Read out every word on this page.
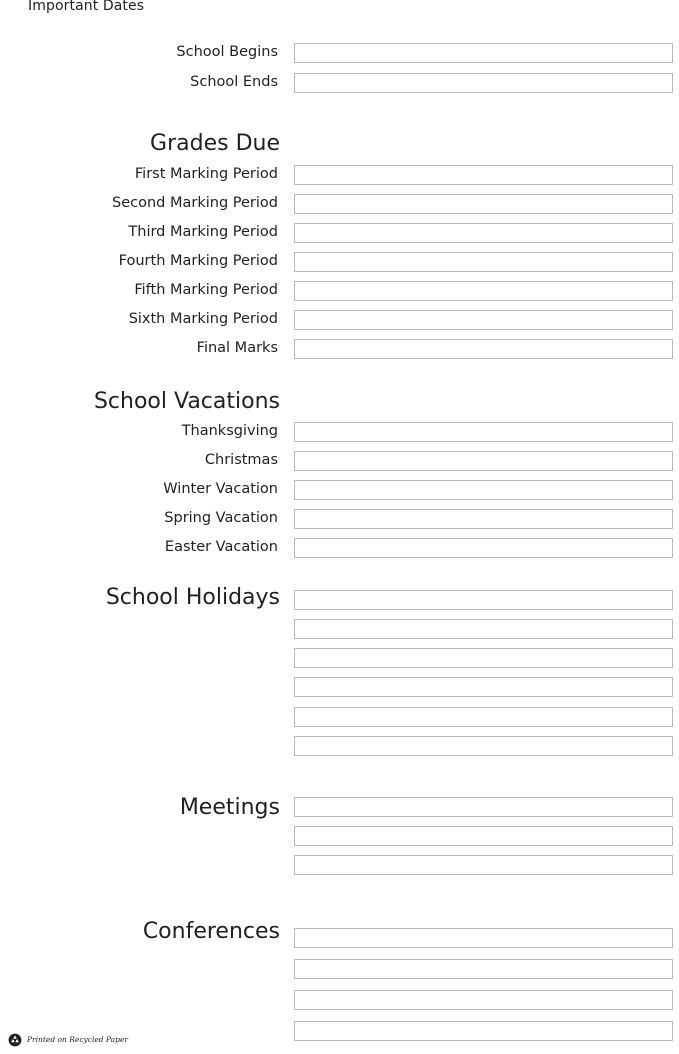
Important Dates
School Begins
School Ends
Grades Due
First Marking Period
Second Marking Period
Third Marking Period
Fourth Marking Period
Fifth Marking Period
Sixth Marking Period
Final Marks
School Vacations
Thanksgiving
Christmas
Winter Vacation
Spring Vacation
Easter Vacation
School Holidays
Meetings
Conferences
Printed on Recycled Paper
